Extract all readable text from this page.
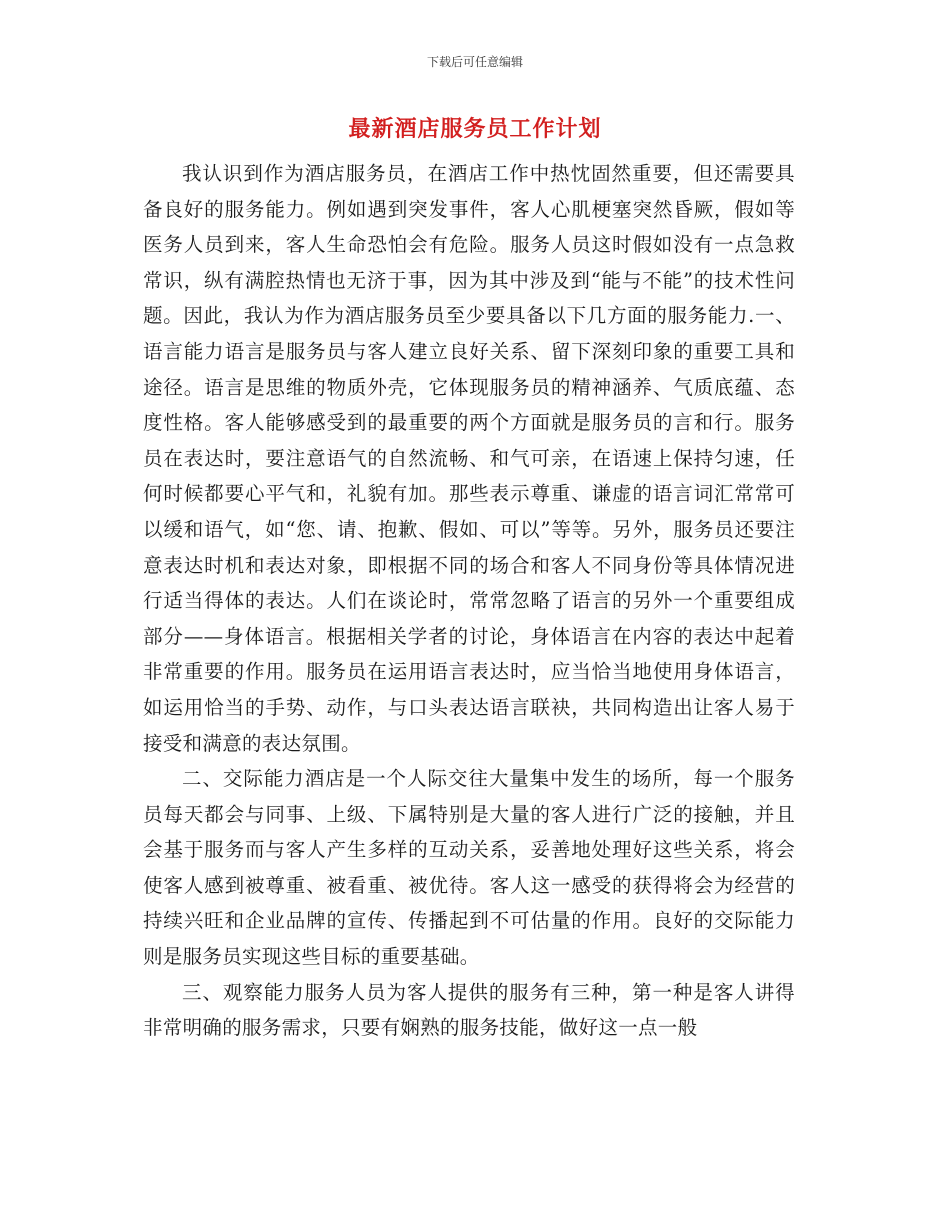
下载后可任意编辑
最新酒店服务员工作计划

我认识到作为酒店服务员，在酒店工作中热忱固然重要，但还需要具备良好的服务能力。例如遇到突发事件，客人心肌梗塞突然昏厥，假如等医务人员到来，客人生命恐怕会有危险。服务人员这时假如没有一点急救常识，纵有满腔热情也无济于事，因为其中涉及到“能与不能”的技术性问题。因此，我认为作为酒店服务员至少要具备以下几方面的服务能力.一、语言能力语言是服务员与客人建立良好关系、留下深刻印象的重要工具和途径。语言是思维的物质外壳，它体现服务员的精神涵养、气质底蕴、态度性格。客人能够感受到的最重要的两个方面就是服务员的言和行。服务员在表达时，要注意语气的自然流畅、和气可亲，在语速上保持匀速，任何时候都要心平气和，礼貌有加。那些表示尊重、谦虚的语言词汇常常可以缓和语气，如“您、请、抱歉、假如、可以”等等。另外，服务员还要注意表达时机和表达对象，即根据不同的场合和客人不同身份等具体情况进行适当得体的表达。人们在谈论时，常常忽略了语言的另外一个重要组成部分——身体语言。根据相关学者的讨论，身体语言在内容的表达中起着非常重要的作用。服务员在运用语言表达时，应当恰当地使用身体语言，如运用恰当的手势、动作，与口头表达语言联袂，共同构造出让客人易于接受和满意的表达氛围。

二、交际能力酒店是一个人际交往大量集中发生的场所，每一个服务员每天都会与同事、上级、下属特别是大量的客人进行广泛的接触，并且会基于服务而与客人产生多样的互动关系，妥善地处理好这些关系，将会使客人感到被尊重、被看重、被优待。客人这一感受的获得将会为经营的持续兴旺和企业品牌的宣传、传播起到不可估量的作用。良好的交际能力则是服务员实现这些目标的重要基础。

三、观察能力服务人员为客人提供的服务有三种，第一种是客人讲得非常明确的服务需求，只要有娴熟的服务技能，做好这一点一般
